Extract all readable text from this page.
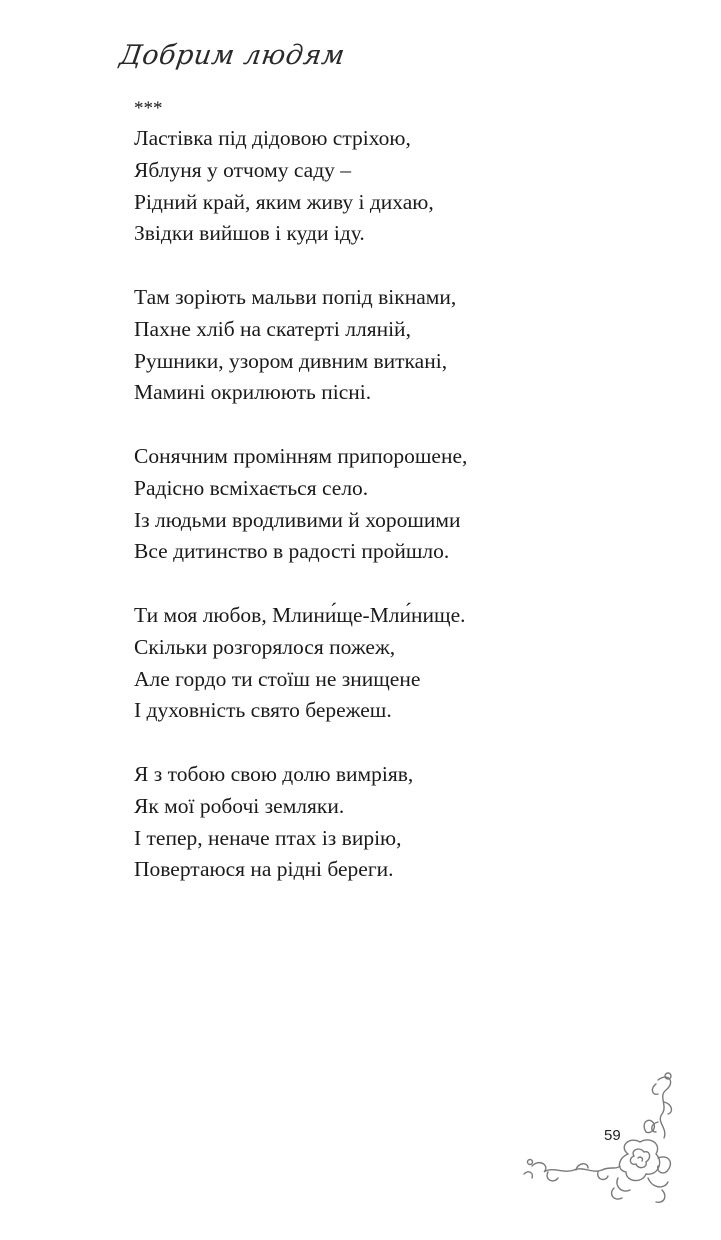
Добрим людям
***
Ластівка під дідовою стріхою,
Яблуня у отчому саду –
Рідний край, яким живу і дихаю,
Звідки вийшов і куди іду.
Там зоріють мальви попід вікнами,
Пахне хліб на скатерті лляній,
Рушники, узором дивним виткані,
Мамині окрилюють пісні.
Сонячним промінням припорошене,
Радісно всміхається село.
Із людьми вродливими й хорошими
Все дитинство в радості пройшло.
Ти моя любов, Млини́ще-Мли́нище.
Скільки розгорялося пожеж,
Але гордо ти стоїш не знищене
І духовність свято бережеш.
Я з тобою свою долю вимріяв,
Як мої робочі земляки.
І тепер, неначе птах із вирію,
Повертаюся на рідні береги.
59
